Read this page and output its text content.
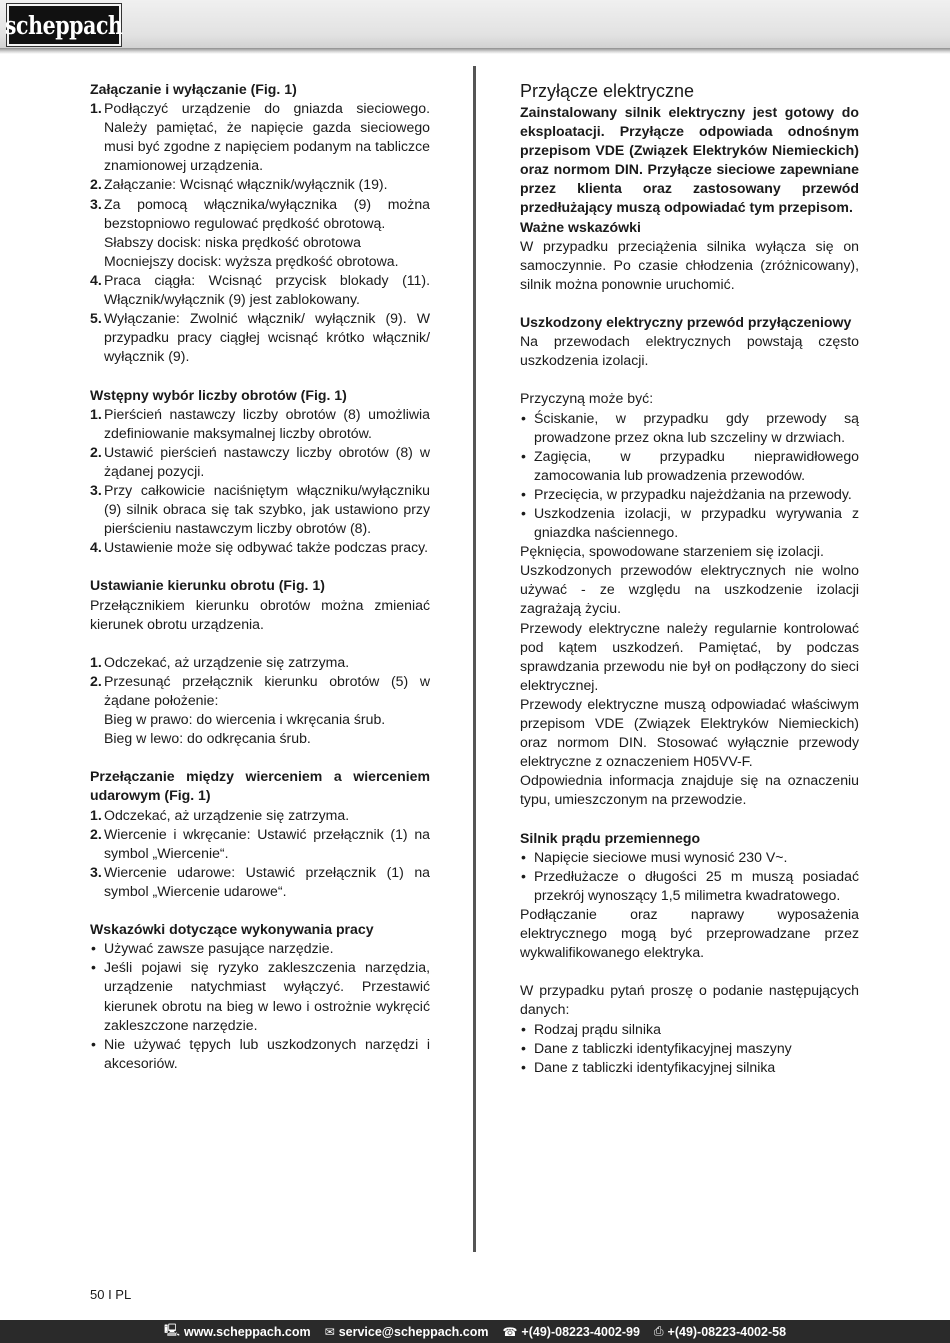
scheppach

Załączanie i wyłączanie (Fig. 1)

1. Podłączyć urządzenie do gniazda sieciowego. Należy pamiętać, że napięcie gazda sieciowego musi być zgodne z napięciem podanym na tabliczce znamionowej urządzenia.
2. Załączanie: Wcisnąć włącznik/wyłącznik (19).
3. Za pomocą włącznika/wyłącznika (9) można bezstopniowo regulować prędkość obrotową.

Słabszy docisk: niska prędkość obrotowa

Mocniejszy docisk: wyższa prędkość obrotowa.

4. Praca ciągła: Wcisnąć przycisk blokady (11). Włącznik/wyłącznik (9) jest zablokowany.
5. Wyłączanie: Zwolnić włącznik/ wyłącznik (9). W przypadku pracy ciągłej wcisnąć krótko włącznik/ wyłącznik (9).

Wstępny wybór liczby obrotów (Fig. 1)

1. Pierścień nastawczy liczby obrotów (8) umożliwia zdefiniowanie maksymalnej liczby obrotów.
2. Ustawić pierścień nastawczy liczby obrotów (8) w żądanej pozycji.
3. Przy całkowicie naciśniętym włączniku/wyłączniku (9) silnik obraca się tak szybko, jak ustawiono przy pierścieniu nastawczym liczby obrotów (8).
4. Ustawienie może się odbywać także podczas pracy.

Ustawianie kierunku obrotu (Fig. 1)

Przełącznikiem kierunku obrotów można zmieniać kierunek obrotu urządzenia.

1. Odczekać, aż urządzenie się zatrzyma.
2. Przesunąć przełącznik kierunku obrotów (5) w żądane położenie:

Bieg w prawo: do wiercenia i wkręcania śrub.

Bieg w lewo: do odkręcania śrub.

Przełączanie między wierceniem a wierceniem udarowym (Fig. 1)

1. Odczekać, aż urządzenie się zatrzyma.
2. Wiercenie i wkręcanie: Ustawić przełącznik (1) na symbol „Wiercenie“.
3. Wiercenie udarowe: Ustawić przełącznik (1) na symbol „Wiercenie udarowe“.

Wskazówki dotyczące wykonywania pracy

• Używać zawsze pasujące narzędzie.
• Jeśli pojawi się ryzyko zakleszczenia narzędzia, urządzenie natychmiast wyłączyć. Przestawić kierunek obrotu na bieg w lewo i ostrożnie wykręcić zakleszczone narzędzie.
• Nie używać tępych lub uszkodzonych narzędzi i akcesoriów.

Przyłącze elektryczne

Zainstalowany silnik elektryczny jest gotowy do eksploatacji. Przyłącze odpowiada odnośnym przepisom VDE (Związek Elektryków Niemieckich) oraz normom DIN. Przyłącze sieciowe zapewniane przez klienta oraz zastosowany przewód przedłużający muszą odpowiadać tym przepisom.

Ważne wskazówki

W przypadku przeciążenia silnika wyłącza się on samoczynnie. Po czasie chłodzenia (zróżnicowany), silnik można ponownie uruchomić.

Uszkodzony elektryczny przewód przyłączeniowy

Na przewodach elektrycznych powstają często uszkodzenia izolacji.

Przyczyną może być:

• Ściskanie, w przypadku gdy przewody są prowadzone przez okna lub szczeliny w drzwiach.
• Zagięcia, w przypadku nieprawidłowego zamocowania lub prowadzenia przewodów.
• Przecięcia, w przypadku najeżdżania na przewody.
• Uszkodzenia izolacji, w przypadku wyrywania z gniazdka naściennego.

Pęknięcia, spowodowane starzeniem się izolacji.

Uszkodzonych przewodów elektrycznych nie wolno używać - ze względu na uszkodzenie izolacji zagrażają życiu.

Przewody elektryczne należy regularnie kontrolować pod kątem uszkodzeń. Pamiętać, by podczas sprawdzania przewodu nie był on podłączony do sieci elektrycznej.

Przewody elektryczne muszą odpowiadać właściwym przepisom VDE (Związek Elektryków Niemieckich) oraz normom DIN. Stosować wyłącznie przewody elektryczne z oznaczeniem H05VV-F.

Odpowiednia informacja znajduje się na oznaczeniu typu, umieszczonym na przewodzie.

Silnik prądu przemiennego

• Napięcie sieciowe musi wynosić 230 V~.
• Przedłużacze o długości 25 m muszą posiadać przekrój wynoszący 1,5 milimetra kwadratowego.

Podłączanie oraz naprawy wyposażenia elektrycznego mogą być przeprowadzane przez wykwalifikowanego elektryka.

W przypadku pytań proszę o podanie następujących danych:

• Rodzaj prądu silnika
• Dane z tabliczki identyfikacyjnej maszyny
• Dane z tabliczki identyfikacyjnej silnika
50 I PL
🖳 www.scheppach.com ✉ service@scheppach.com ☎ +(49)-08223-4002-99 ⎙ +(49)-08223-4002-58
